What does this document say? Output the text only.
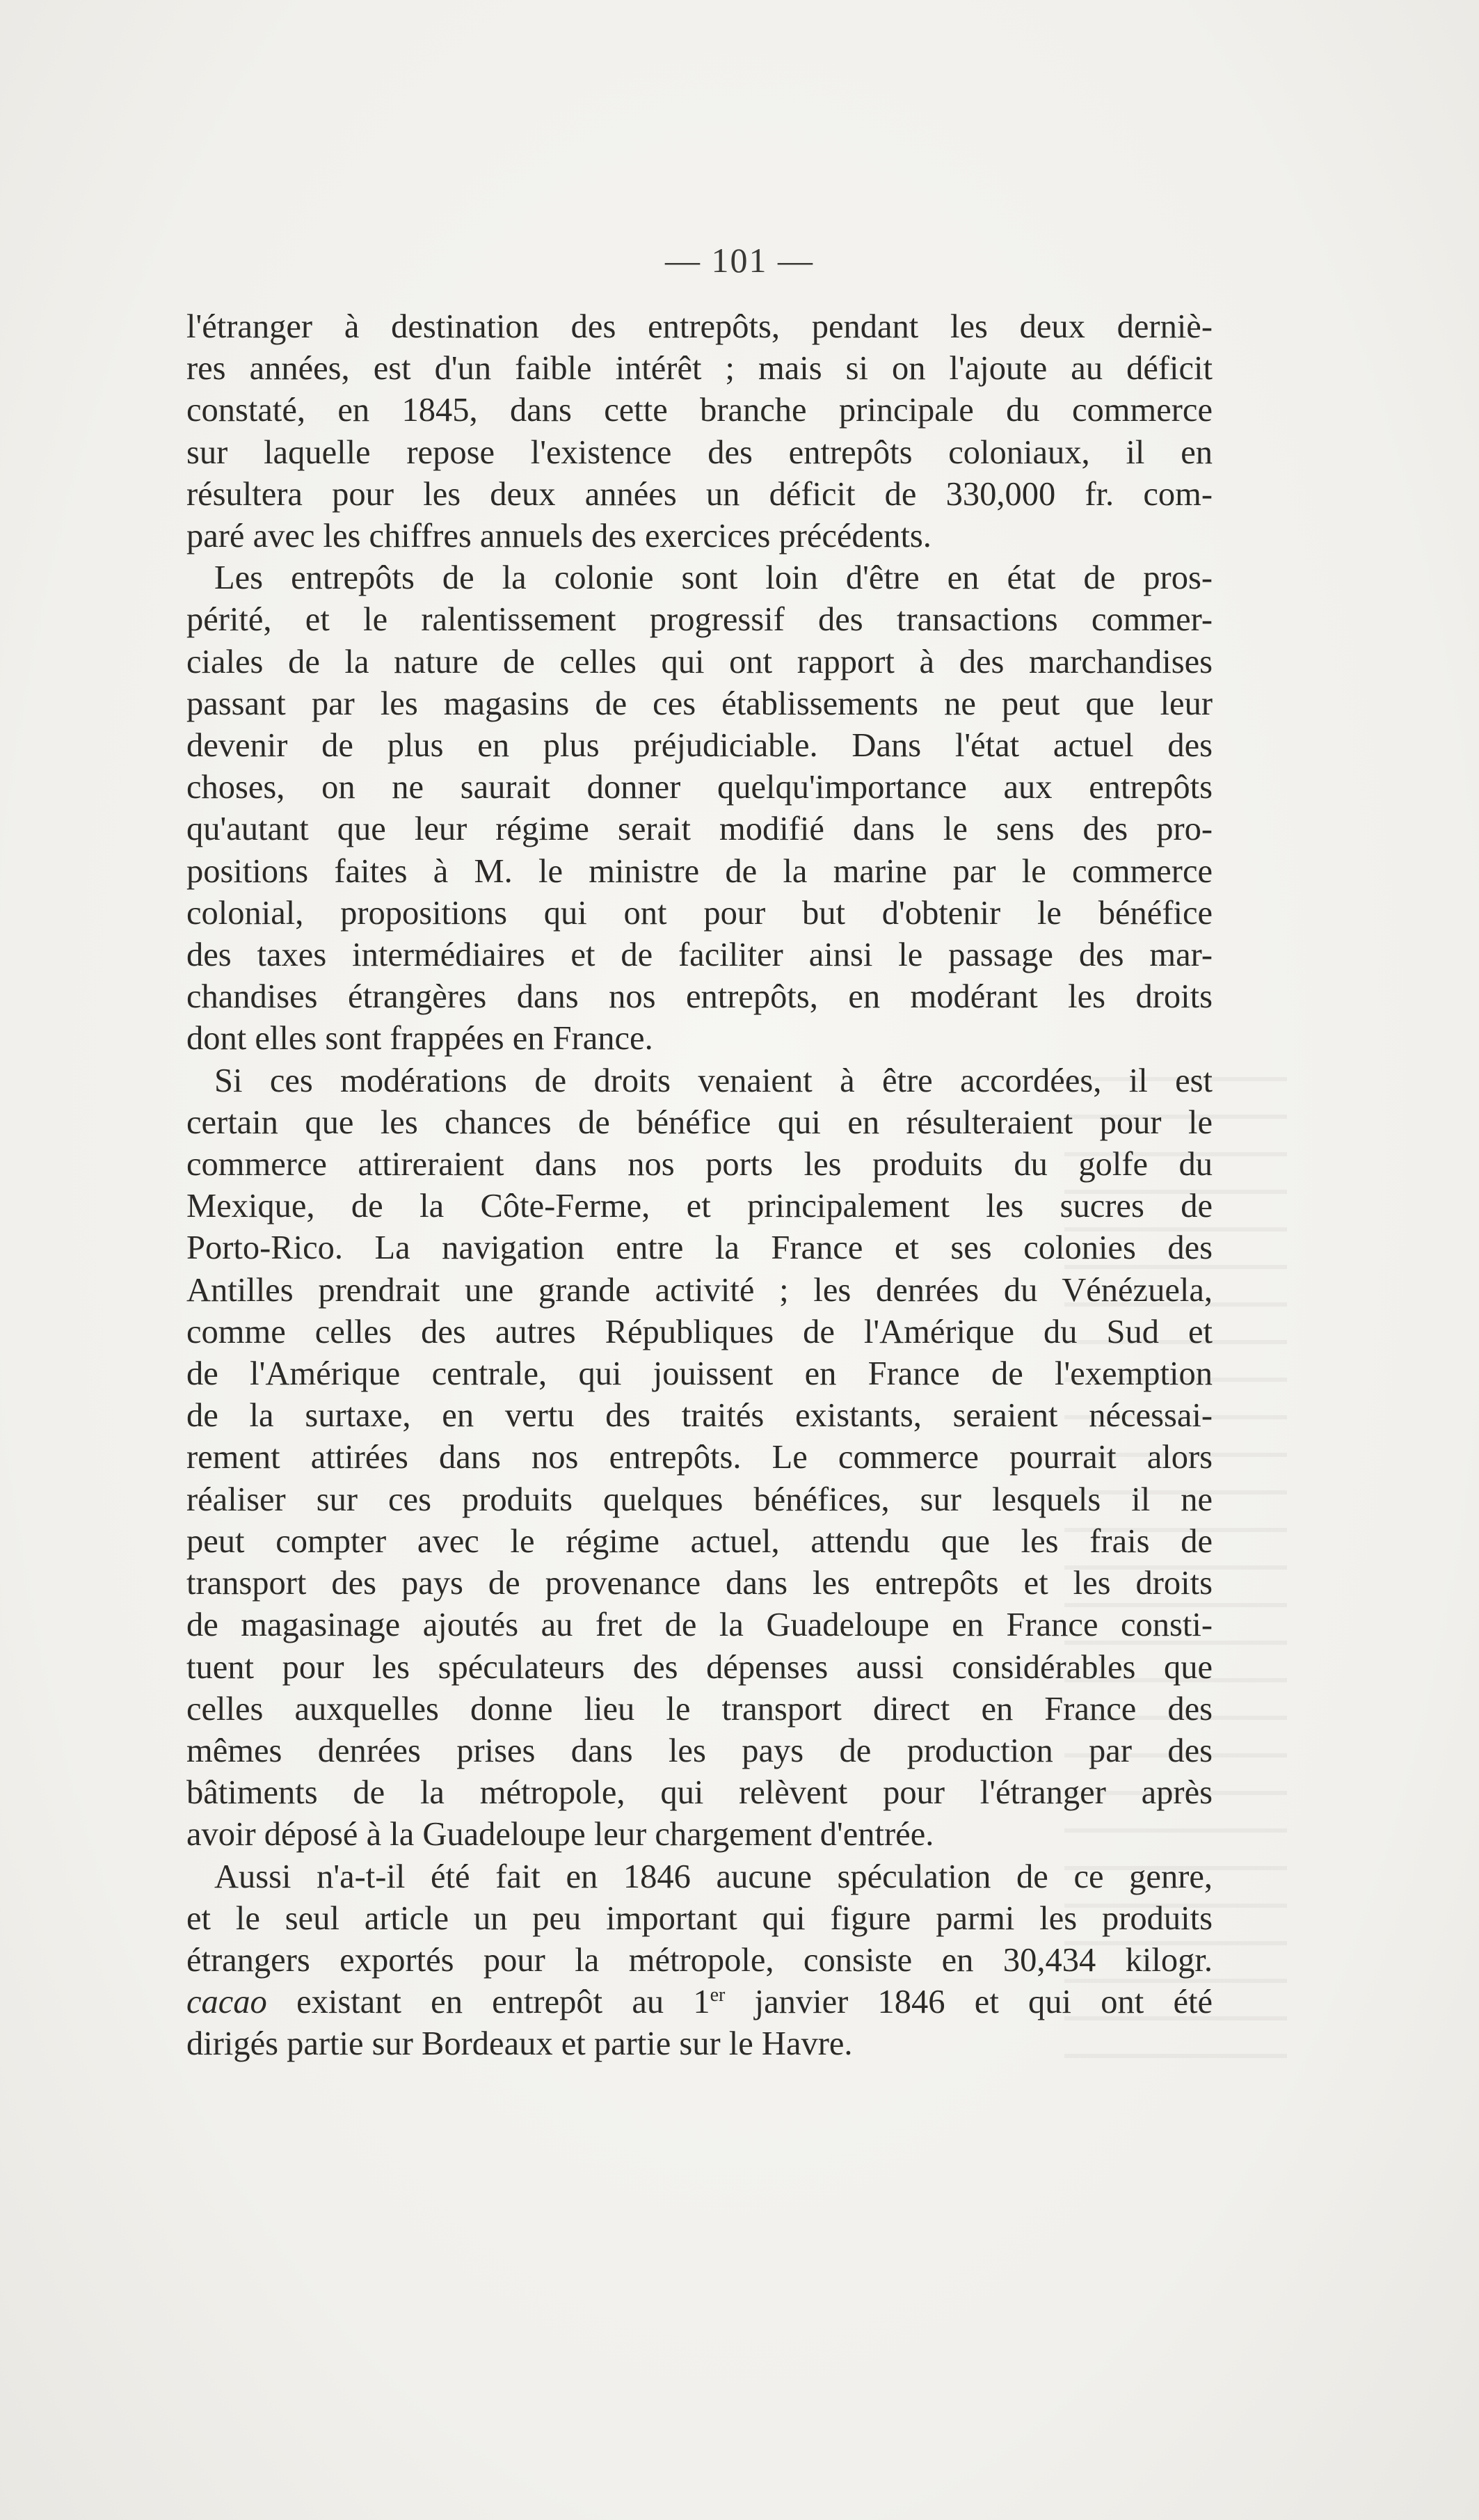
— 101 —

l'étranger à destination des entrepôts, pendant les deux derniè-
res années, est d'un faible intérêt ; mais si on l'ajoute au déficit
constaté, en 1845, dans cette branche principale du commerce
sur laquelle repose l'existence des entrepôts coloniaux, il en
résultera pour les deux années un déficit de 330,000 fr. com-
paré avec les chiffres annuels des exercices précédents.

Les entrepôts de la colonie sont loin d'être en état de pros-
périté, et le ralentissement progressif des transactions commer-
ciales de la nature de celles qui ont rapport à des marchandises
passant par les magasins de ces établissements ne peut que leur
devenir de plus en plus préjudiciable. Dans l'état actuel des
choses, on ne saurait donner quelqu'importance aux entrepôts
qu'autant que leur régime serait modifié dans le sens des pro-
positions faites à M. le ministre de la marine par le commerce
colonial, propositions qui ont pour but d'obtenir le bénéfice
des taxes intermédiaires et de faciliter ainsi le passage des mar-
chandises étrangères dans nos entrepôts, en modérant les droits
dont elles sont frappées en France.

Si ces modérations de droits venaient à être accordées, il est
certain que les chances de bénéfice qui en résulteraient pour le
commerce attireraient dans nos ports les produits du golfe du
Mexique, de la Côte-Ferme, et principalement les sucres de
Porto-Rico. La navigation entre la France et ses colonies des
Antilles prendrait une grande activité ; les denrées du Vénézuela,
comme celles des autres Républiques de l'Amérique du Sud et
de l'Amérique centrale, qui jouissent en France de l'exemption
de la surtaxe, en vertu des traités existants, seraient nécessai-
rement attirées dans nos entrepôts. Le commerce pourrait alors
réaliser sur ces produits quelques bénéfices, sur lesquels il ne
peut compter avec le régime actuel, attendu que les frais de
transport des pays de provenance dans les entrepôts et les droits
de magasinage ajoutés au fret de la Guadeloupe en France consti-
tuent pour les spéculateurs des dépenses aussi considérables que
celles auxquelles donne lieu le transport direct en France des
mêmes denrées prises dans les pays de production par des
bâtiments de la métropole, qui relèvent pour l'étranger après
avoir déposé à la Guadeloupe leur chargement d'entrée.

Aussi n'a-t-il été fait en 1846 aucune spéculation de ce genre,
et le seul article un peu important qui figure parmi les produits
étrangers exportés pour la métropole, consiste en 30,434 kilogr.
cacao existant en entrepôt au 1er janvier 1846 et qui ont été
dirigés partie sur Bordeaux et partie sur le Havre.
